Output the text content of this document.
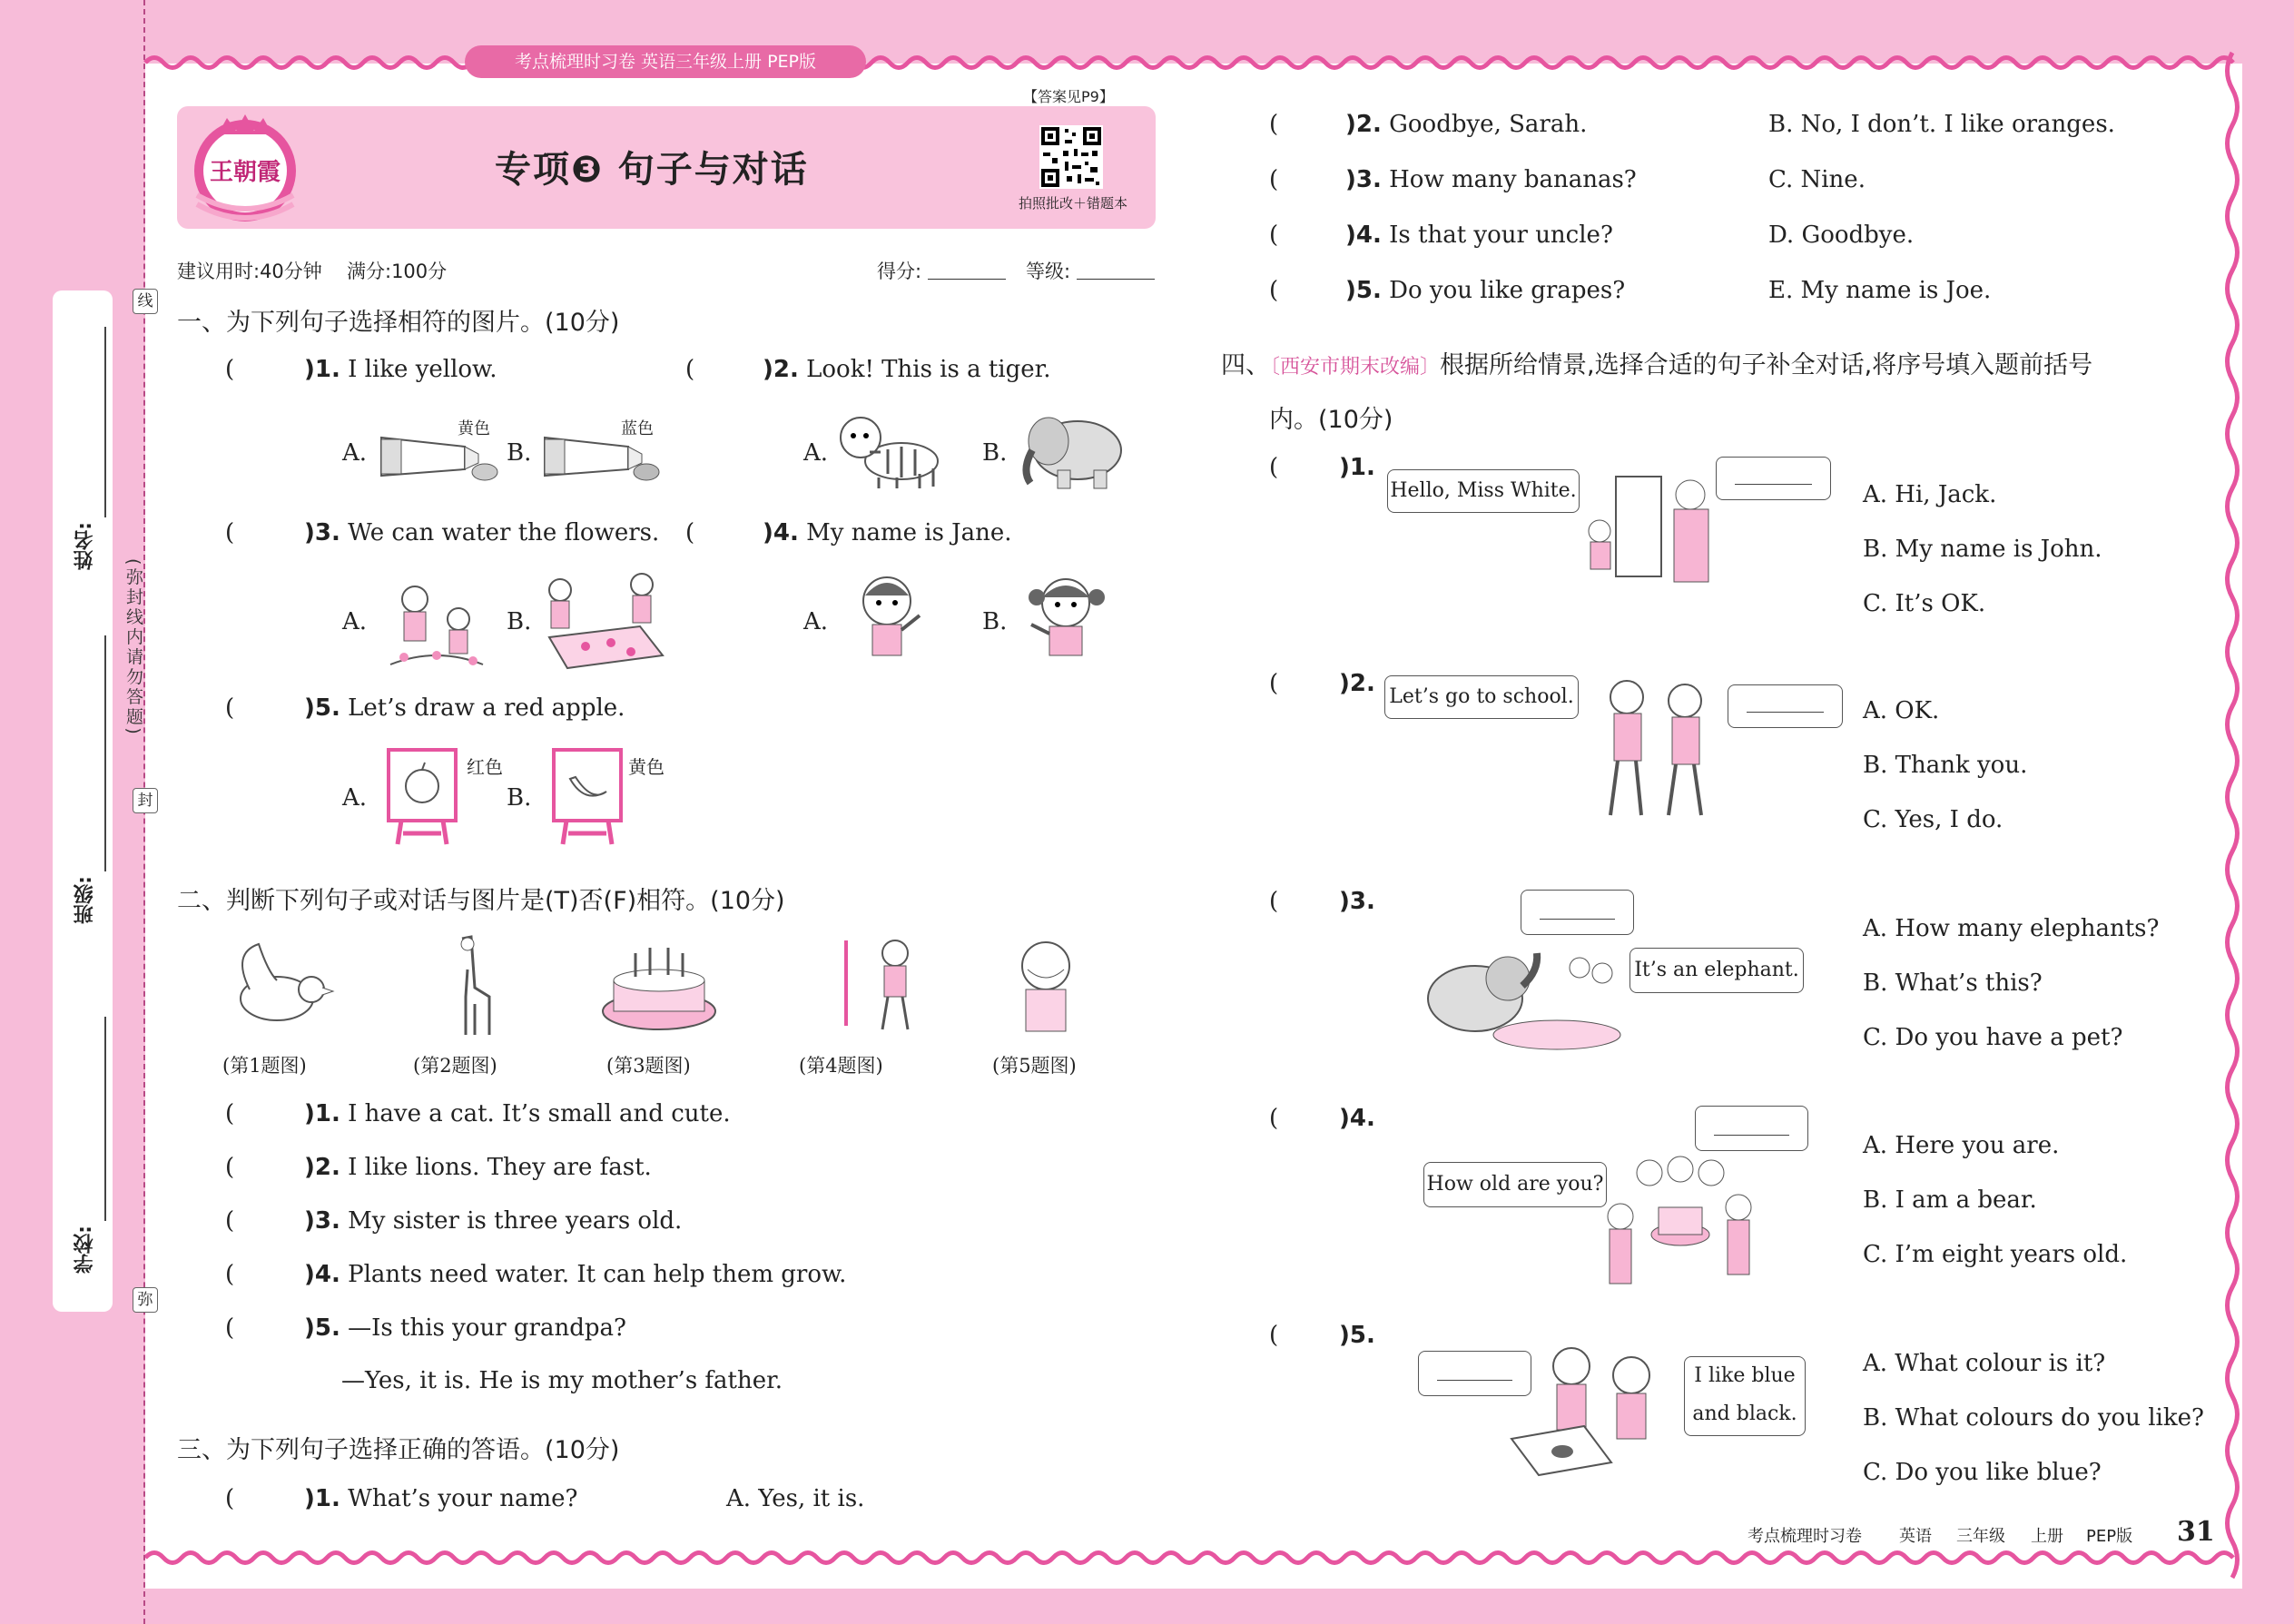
姓名:
班级:
学校:
(弥封线内请勿答题)
线
封
弥
考点梳理时习卷 英语三年级上册 PEP版
【答案见P9】
王朝霞	专项❸ 句子与对话
拍照批改＋错题本
建议用时:40分钟 满分:100分	得分:	等级:
一、为下列句子选择相符的图片。(10分)
(	)1. I like yellow.
A.
黄色
B.
蓝色
(	)2. Look! This is a tiger.
A.	B.
(	)3. We can water the flowers.
A.	B.
(	)4. My name is Jane.
A.	B.
(	)5. Let’s draw a red apple.
A.
红色
B.
黄色
二、判断下列句子或对话与图片是(T)否(F)相符。(10分)
(第1题图)	(第2题图)	(第3题图)	(第4题图)	(第5题图)
(	)1. I have a cat. It’s small and cute.
(	)2. I like lions. They are fast.
(	)3. My sister is three years old.
(	)4. Plants need water. It can help them grow.
(	)5. —Is this your grandpa?
—Yes, it is. He is my mother’s father.
三、为下列句子选择正确的答语。(10分)
(	)1. What’s your name?	A. Yes, it is.
(	)2. Goodbye, Sarah.	B. No, I don’t. I like oranges.
(	)3. How many bananas?	C. Nine.
(	)4. Is that your uncle?	D. Goodbye.
(	)5. Do you like grapes?	E. My name is Joe.
四、〔西安市期末改编〕根据所给情景,选择合适的句子补全对话,将序号填入题前括号
内。(10分)
(	)1.
Hello, Miss White.	A. Hi, Jack.
B. My name is John.
C. It’s OK.
(	)2. Let’s go to school.
A. OK.
B. Thank you.
C. Yes, I do.
(	)3.
It’s an elephant.
A. How many elephants?
B. What’s this?
C. Do you have a pet?
(	)4.
How old are you?
A. Here you are.
B. I am a bear.
C. I’m eight years old.
(	)5.
I like blue
and black.
A. What colour is it?
B. What colours do you like?
C. Do you like blue?
考点梳理时习卷 英语 三年级 上册 PEP版 31
